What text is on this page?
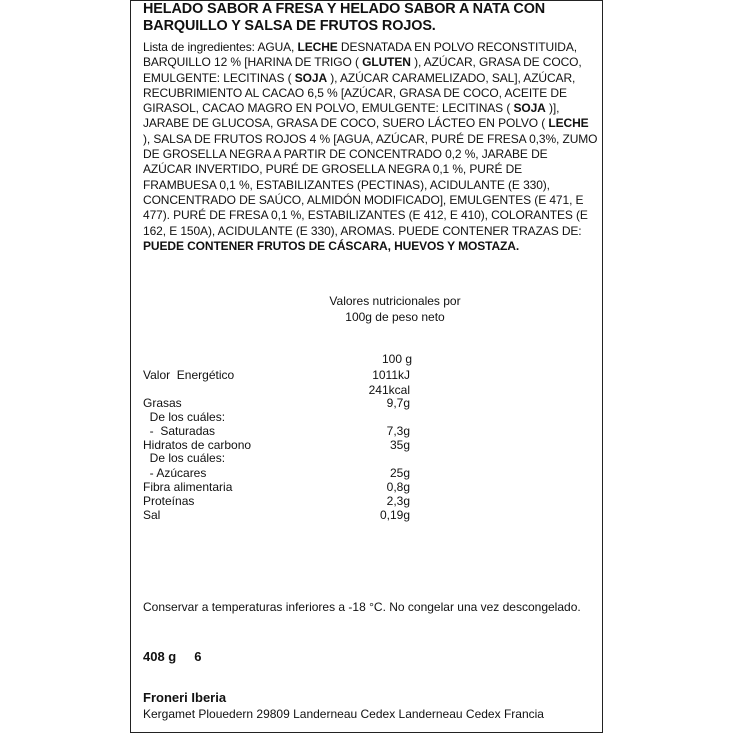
HELADO SABOR A FRESA Y HELADO SABOR A NATA CON BARQUILLO Y SALSA DE FRUTOS ROJOS.
Lista de ingredientes: AGUA, LECHE DESNATADA EN POLVO RECONSTITUIDA, BARQUILLO 12 % [HARINA DE TRIGO ( GLUTEN ), AZÚCAR, GRASA DE COCO, EMULGENTE: LECITINAS ( SOJA ), AZÚCAR CARAMELIZADO, SAL], AZÚCAR, RECUBRIMIENTO AL CACAO 6,5 % [AZÚCAR, GRASA DE COCO, ACEITE DE GIRASOL, CACAO MAGRO EN POLVO, EMULGENTE: LECITINAS ( SOJA )], JARABE DE GLUCOSA, GRASA DE COCO, SUERO LÁCTEO EN POLVO ( LECHE ), SALSA DE FRUTOS ROJOS 4 % [AGUA, AZÚCAR, PURÉ DE FRESA 0,3%, ZUMO DE GROSELLA NEGRA A PARTIR DE CONCENTRADO 0,2 %, JARABE DE AZÚCAR INVERTIDO, PURÉ DE GROSELLA NEGRA 0,1 %, PURÉ DE FRAMBUESA 0,1 %, ESTABILIZANTES (PECTINAS), ACIDULANTE (E 330), CONCENTRADO DE SAÚCO, ALMIDÓN MODIFICADO], EMULGENTES (E 471, E 477). PURÉ DE FRESA 0,1 %, ESTABILIZANTES (E 412, E 410), COLORANTES (E 162, E 150A), ACIDULANTE (E 330), AROMAS. PUEDE CONTENER TRAZAS DE: PUEDE CONTENER FRUTOS DE CÁSCARA, HUEVOS Y MOSTAZA.
Valores nutricionales por
100g de peso neto
100 g
Valor  Energético	1011kJ
241kcal
Grasas	9,7g
De los cuáles:
-  Saturadas	7,3g
Hidratos de carbono	35g
De los cuáles:
- Azúcares	25g
Fibra alimentaria	0,8g
Proteínas	2,3g
Sal	0,19g
Conservar a temperaturas inferiores a -18 °C. No congelar una vez descongelado.
408 g 6
Froneri Iberia
Kergamet Plouedern 29809 Landerneau Cedex Landerneau Cedex Francia
